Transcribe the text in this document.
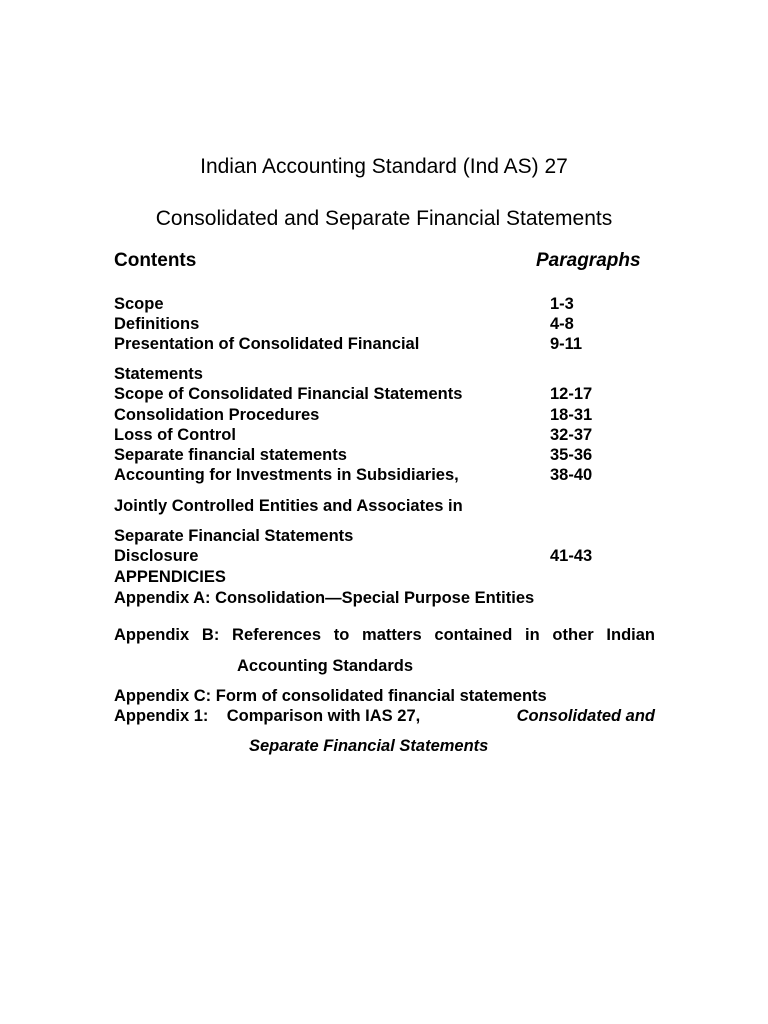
Indian Accounting Standard (Ind AS) 27
Consolidated and Separate Financial Statements
Contents	Paragraphs
Scope	1-3
Definitions	4-8
Presentation of Consolidated Financial	9-11
Statements
Scope of Consolidated Financial Statements	12-17
Consolidation Procedures	18-31
Loss of Control	32-37
Separate financial statements	35-36
Accounting for Investments in Subsidiaries,	38-40
Jointly Controlled Entities and Associates in
Separate Financial Statements
Disclosure	41-43
APPENDICIES
Appendix A: Consolidation—Special Purpose Entities
Appendix B: References to matters contained in other Indian
Accounting Standards
Appendix C: Form of consolidated financial statements
Appendix 1:    Comparison with IAS 27,	Consolidated and
Separate Financial Statements
